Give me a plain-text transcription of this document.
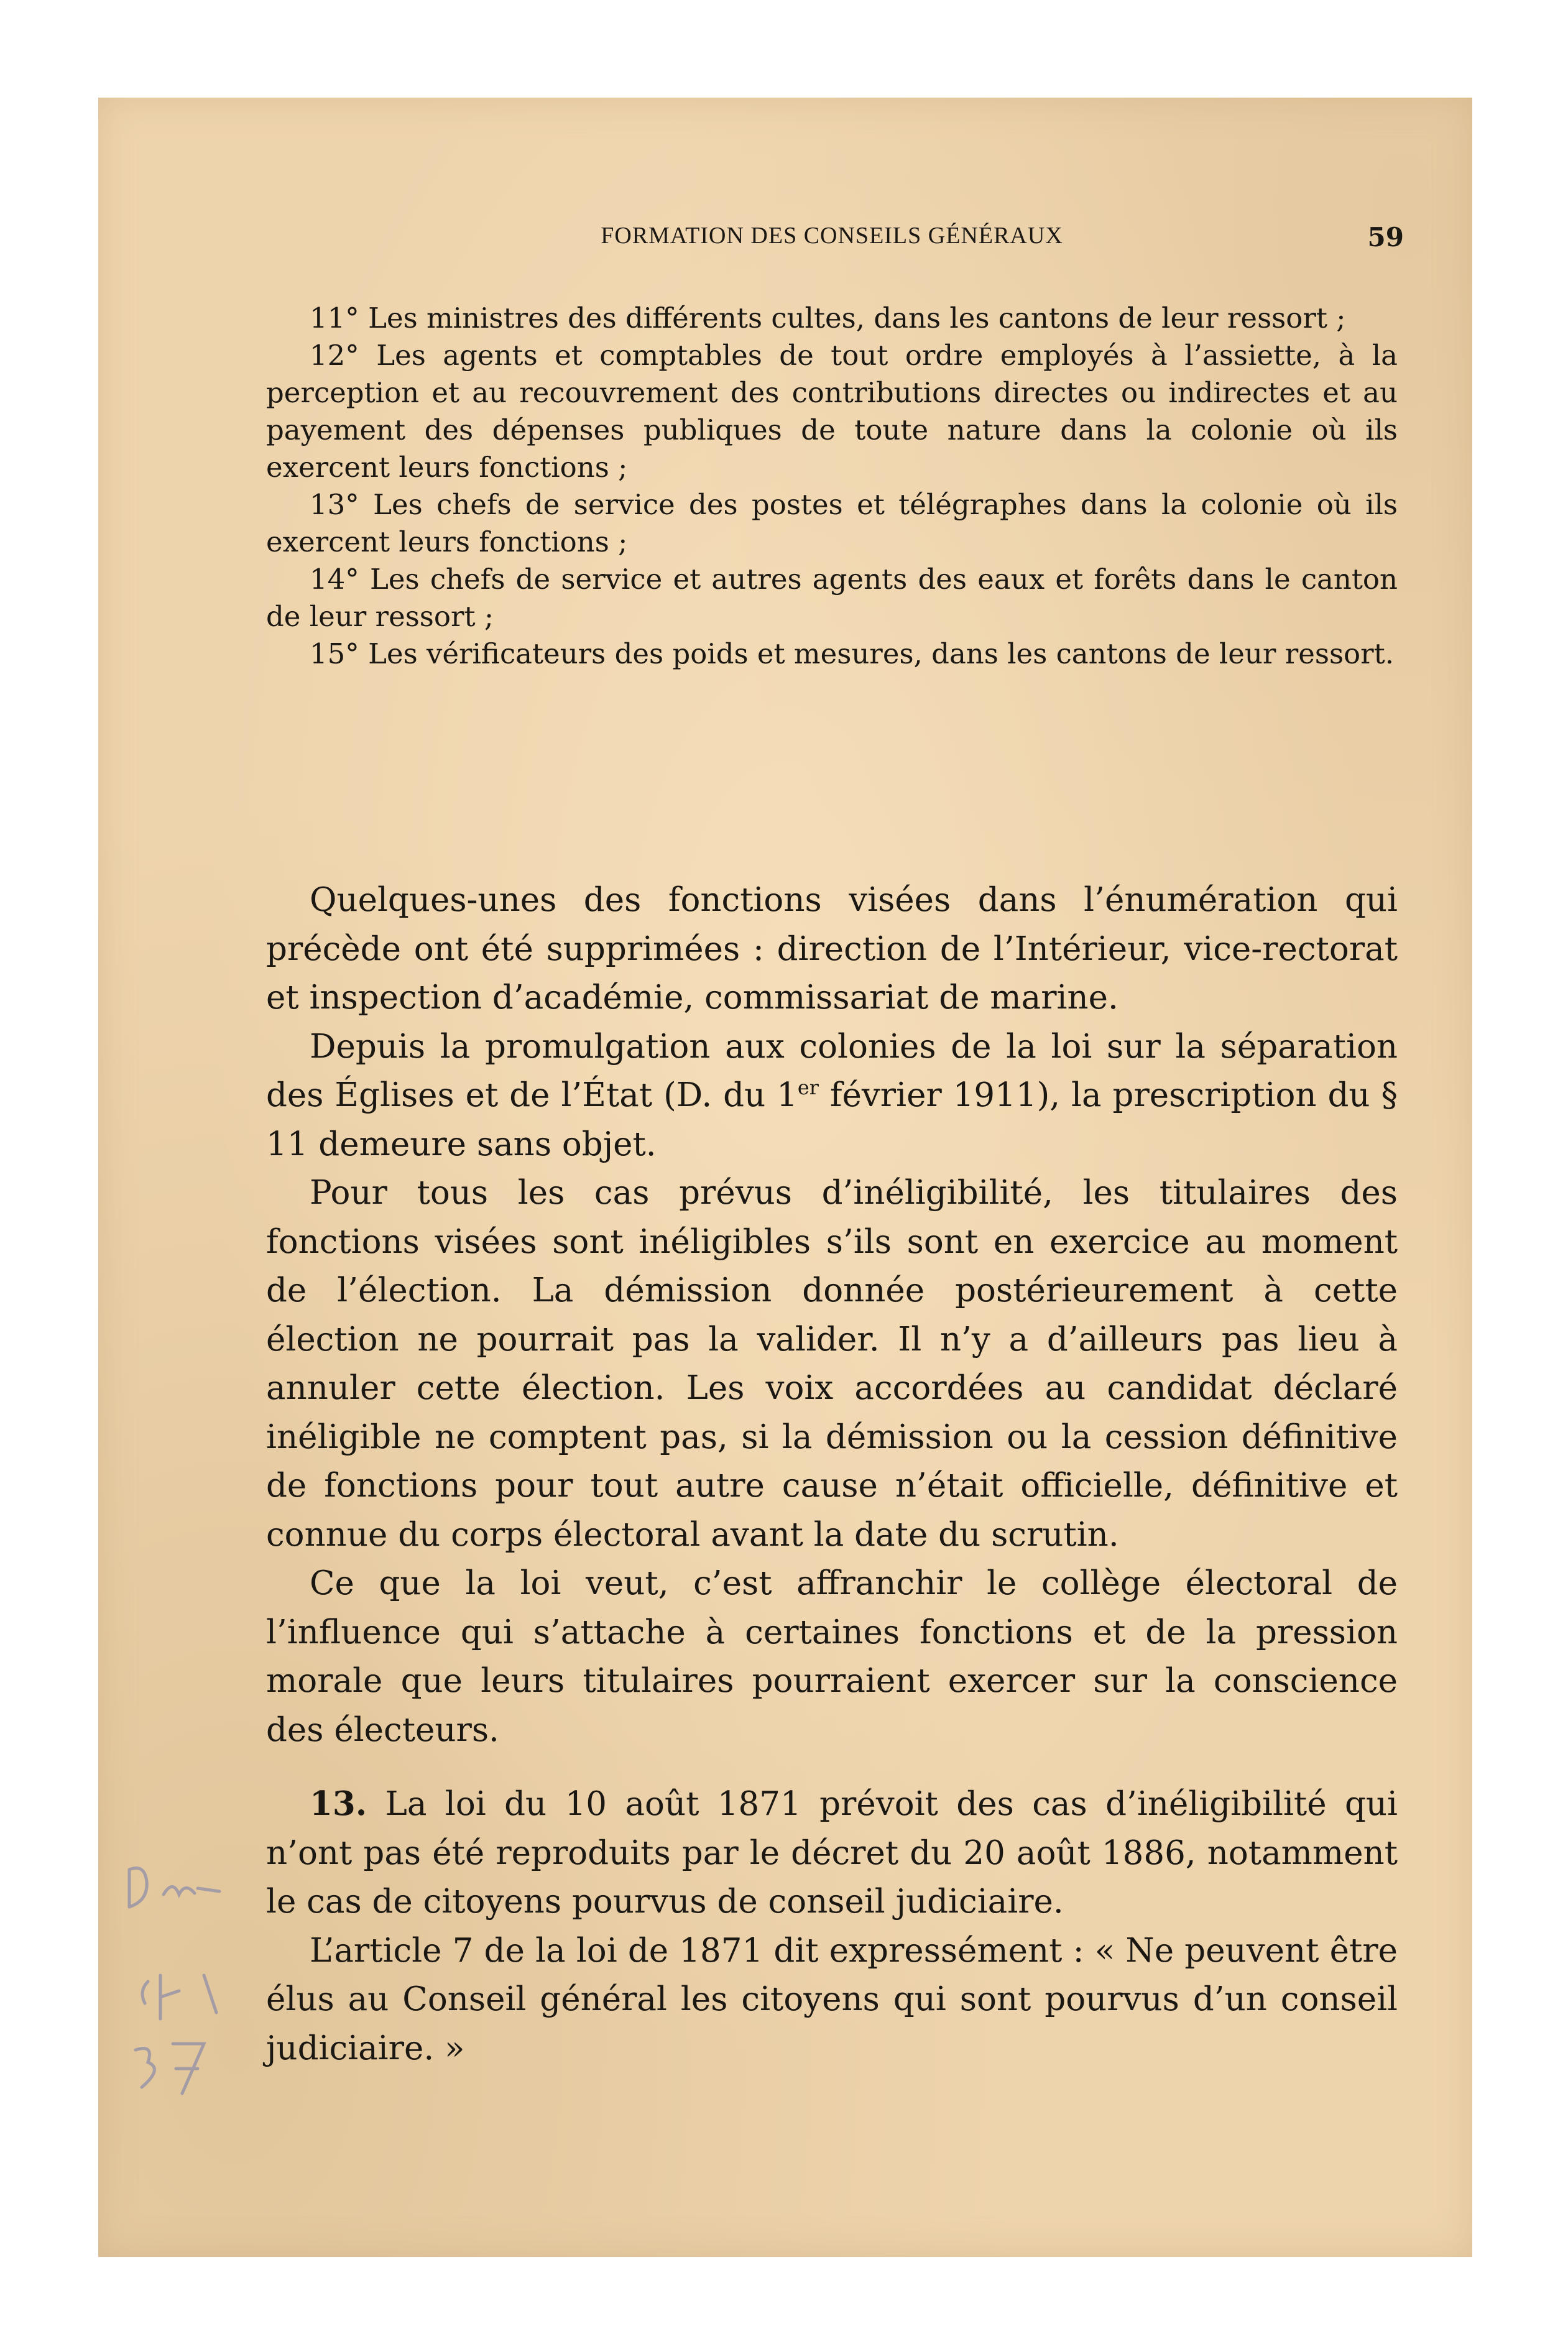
FORMATION DES CONSEILS GÉNÉRAUX	59

11° Les ministres des différents cultes, dans les cantons de leur ressort ;

12° Les agents et comptables de tout ordre employés à l’assiette, à la perception et au recouvrement des contributions directes ou indirectes et au payement des dépenses publiques de toute nature dans la colonie où ils exercent leurs fonctions ;

13° Les chefs de service des postes et télégraphes dans la colonie où ils exercent leurs fonctions ;

14° Les chefs de service et autres agents des eaux et forêts dans le canton de leur ressort ;

15° Les vérificateurs des poids et mesures, dans les cantons de leur ressort.

Quelques-unes des fonctions visées dans l’énumération qui précède ont été supprimées : direction de l’Intérieur, vice-rectorat et inspection d’académie, commissariat de marine.

Depuis la promulgation aux colonies de la loi sur la séparation des Églises et de l’État (D. du 1er février 1911), la prescription du § 11 demeure sans objet.

Pour tous les cas prévus d’inéligibilité, les titulaires des fonctions visées sont inéligibles s’ils sont en exercice au moment de l’élection. La démission donnée postérieurement à cette élection ne pourrait pas la valider. Il n’y a d’ailleurs pas lieu à annuler cette élection. Les voix accordées au candidat déclaré inéligible ne comptent pas, si la démission ou la cession définitive de fonctions pour tout autre cause n’était officielle, définitive et connue du corps électoral avant la date du scrutin.

Ce que la loi veut, c’est affranchir le collège électoral de l’influence qui s’attache à certaines fonctions et de la pression morale que leurs titulaires pourraient exercer sur la conscience des électeurs.

13. La loi du 10 août 1871 prévoit des cas d’inéligibilité qui n’ont pas été reproduits par le décret du 20 août 1886, notamment le cas de citoyens pourvus de conseil judiciaire.

L’article 7 de la loi de 1871 dit expressément : « Ne peuvent être élus au Conseil général les citoyens qui sont pourvus d’un conseil judiciaire. »
